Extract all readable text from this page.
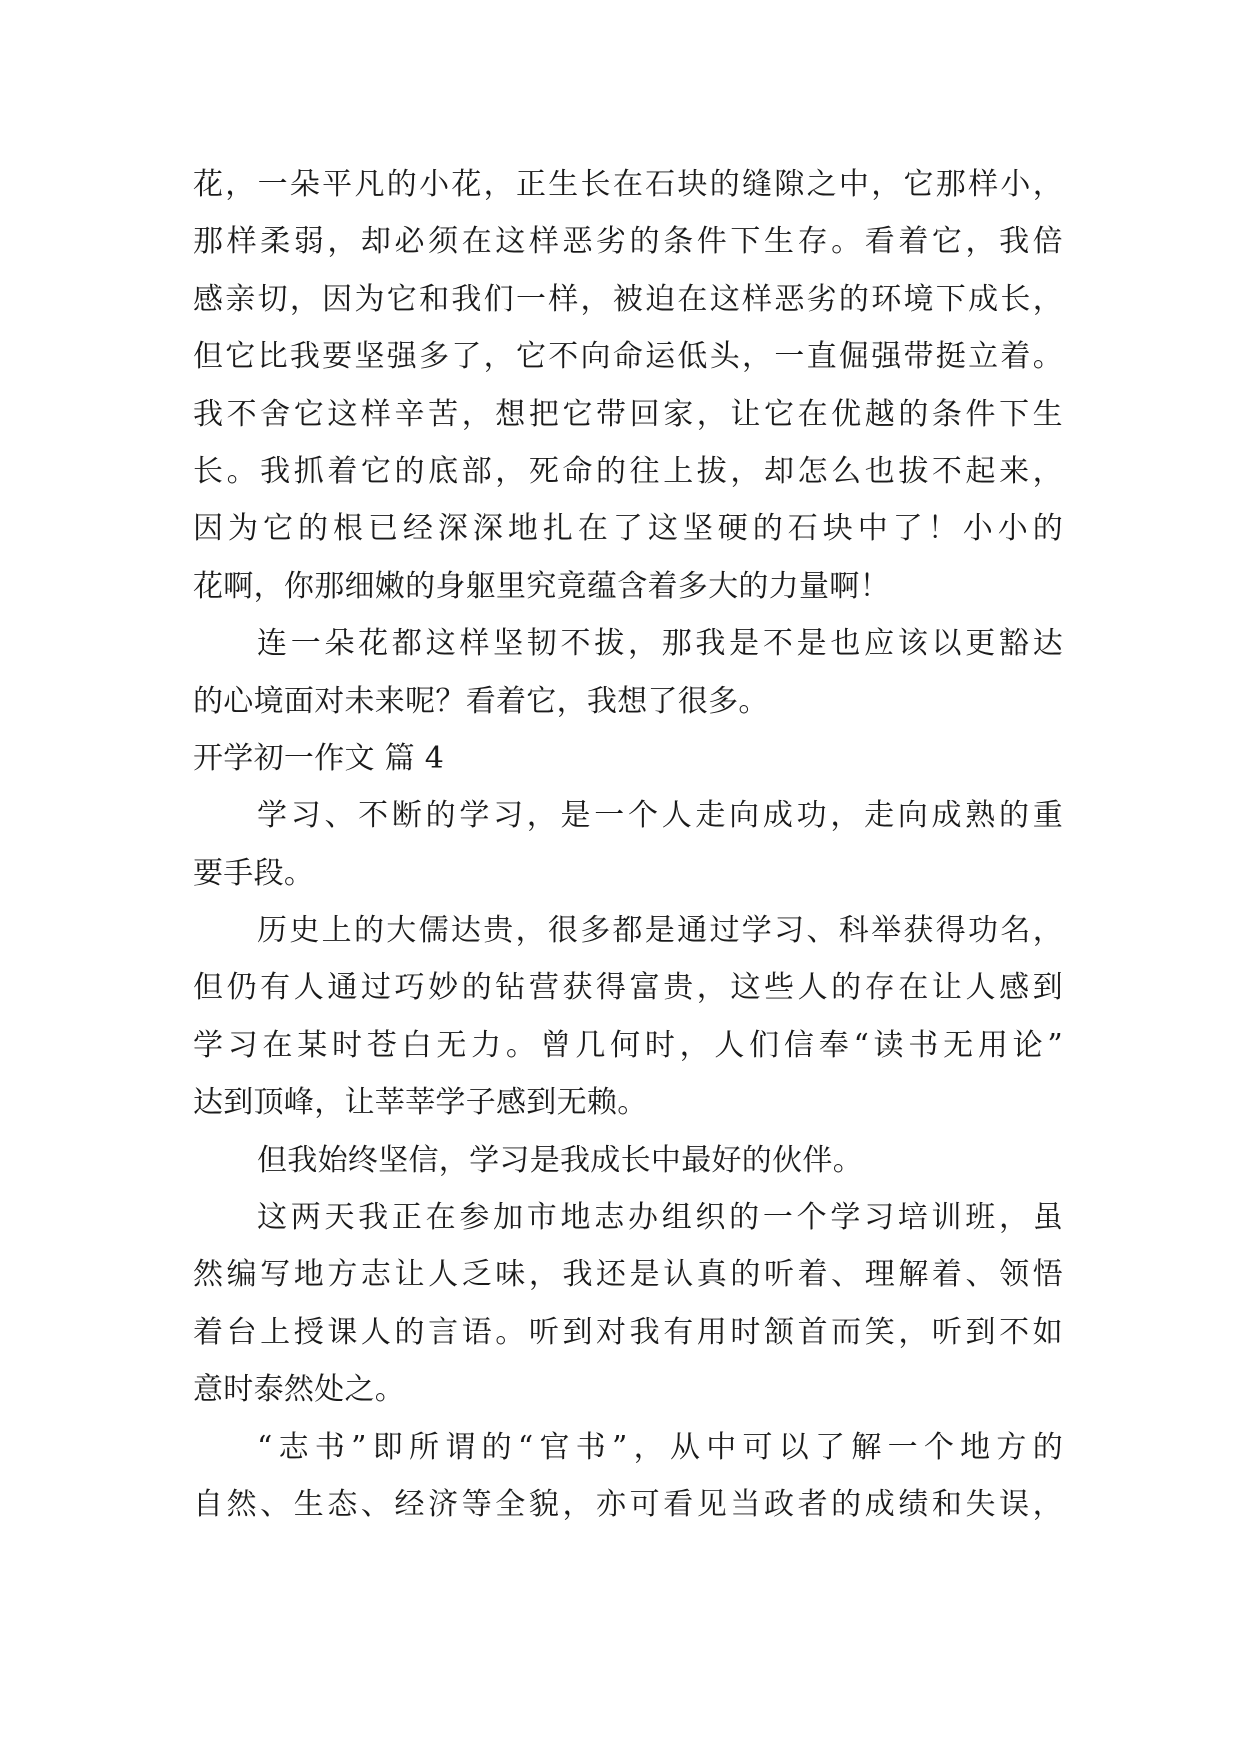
花，一朵平凡的小花，正生长在石块的缝隙之中，它那样小，
那样柔弱，却必须在这样恶劣的条件下生存。看着它，我倍
感亲切，因为它和我们一样，被迫在这样恶劣的环境下成长，
但它比我要坚强多了，它不向命运低头，一直倔强带挺立着。
我不舍它这样辛苦，想把它带回家，让它在优越的条件下生
长。我抓着它的底部，死命的往上拔，却怎么也拔不起来，
因为它的根已经深深地扎在了这坚硬的石块中了！小小的
花啊，你那细嫩的身躯里究竟蕴含着多大的力量啊！
连一朵花都这样坚韧不拔，那我是不是也应该以更豁达
的心境面对未来呢？看着它，我想了很多。
开学初一作文 篇 4
学习、不断的学习，是一个人走向成功，走向成熟的重
要手段。
历史上的大儒达贵，很多都是通过学习、科举获得功名，
但仍有人通过巧妙的钻营获得富贵，这些人的存在让人感到
学习在某时苍白无力。曾几何时，人们信奉“读书无用论”
达到顶峰，让莘莘学子感到无赖。
但我始终坚信，学习是我成长中最好的伙伴。
这两天我正在参加市地志办组织的一个学习培训班，虽
然编写地方志让人乏味，我还是认真的听着、理解着、领悟
着台上授课人的言语。听到对我有用时颔首而笑，听到不如
意时泰然处之。
“志书”即所谓的“官书”，从中可以了解一个地方的
自然、生态、经济等全貌，亦可看见当政者的成绩和失误，
